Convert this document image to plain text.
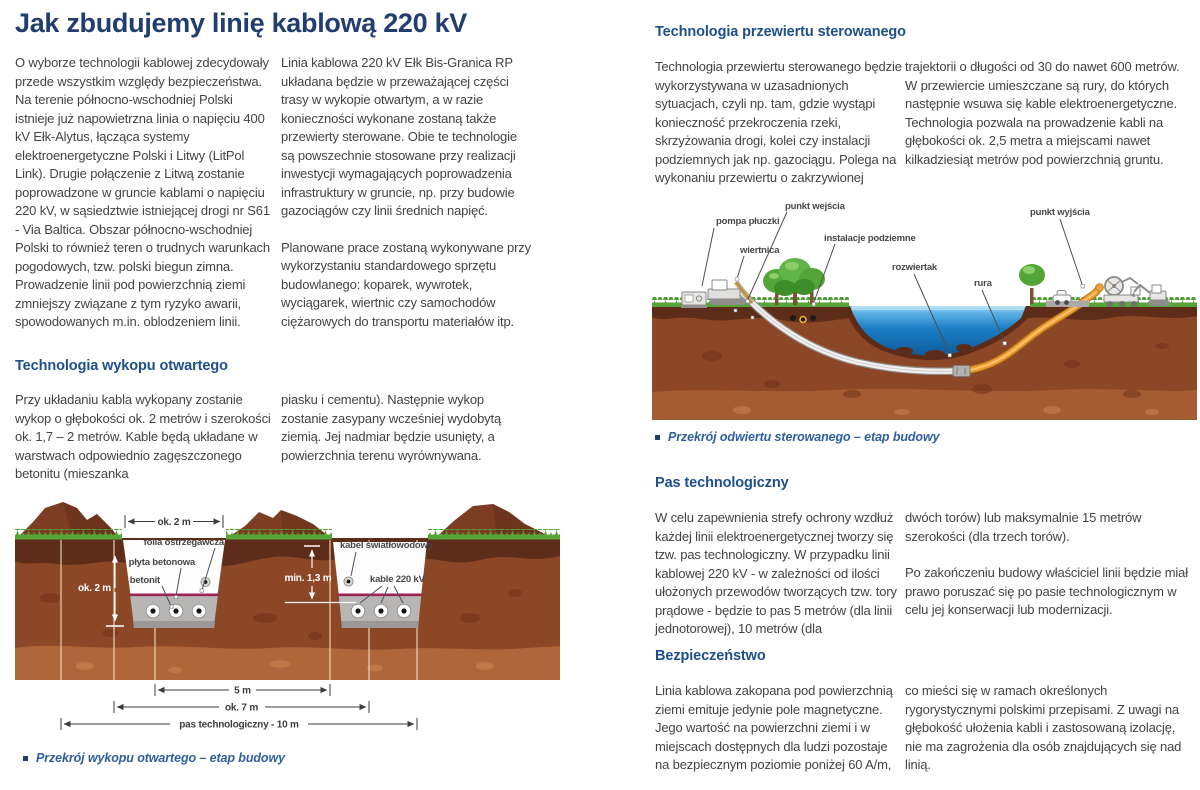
Jak zbudujemy linię kablową 220 kV
O wyborze technologii kablowej zdecydowały przede wszystkim względy bezpieczeństwa. Na terenie północno-wschodniej Polski istnieje już napowietrzna linia o napięciu 400 kV Ełk-Alytus, łącząca systemy elektroenergetyczne Polski i Litwy (LitPol Link). Drugie połączenie z Litwą zostanie poprowadzone w gruncie kablami o napięciu 220 kV, w sąsiedztwie istniejącej drogi nr S61 - Via Baltica. Obszar północno-wschodniej Polski to również teren o trudnych warunkach pogodowych, tzw. polski biegun zimna. Prowadzenie linii pod powierzchnią ziemi zmniejszy związane z tym ryzyko awarii, spowodowanych m.in. oblodzeniem linii.

Linia kablowa 220 kV Ełk Bis-Granica RP układana będzie w przeważającej części trasy w wykopie otwartym, a w razie konieczności wykonane zostaną także przewierty sterowane. Obie te technologie są powszechnie stosowane przy realizacji inwestycji wymagających poprowadzenia infrastruktury w gruncie, np. przy budowie gazociągów czy linii średnich napięć.

Planowane prace zostaną wykonywane przy wykorzystaniu standardowego sprzętu budowlanego: koparek, wywrotek, wyciągarek, wiertnic czy samochodów ciężarowych do transportu materiałów itp.

Technologia wykopu otwartego
Przy układaniu kabla wykopany zostanie wykop o głębokości ok. 2 metrów i szerokości ok. 1,7 – 2 metrów. Kable będą układane w warstwach odpowiednio zagęszczonego betonitu (mieszanka
piasku i cementu). Następnie wykop zostanie zasypany wcześniej wydobytą ziemią. Jej nadmiar będzie usunięty, a powierzchnia terenu wyrównywana.
ok. 2 m
ok. 2 m
min. 1,3 m
folia ostrzegawcza
płyta betonowa
betonit
kabel światłowodowy
kable 220 kV
5 m
ok. 7 m
pas technologiczny - 10 m
Przekrój wykopu otwartego – etap budowy
Technologia przewiertu sterowanego
Technologia przewiertu sterowanego będzie wykorzystywana w uzasadnionych sytuacjach, czyli np. tam, gdzie wystąpi konieczność przekroczenia rzeki, skrzyżowania drogi, kolei czy instalacji podziemnych jak np. gazociągu. Polega na wykonaniu przewiertu o zakrzywionej
trajektorii o długości od 30 do nawet 600 metrów. W przewiercie umieszczane są rury, do których następnie wsuwa się kable elektroenergetyczne. Technologia pozwala na prowadzenie kabli na głębokości ok. 2,5 metra a miejscami nawet kilkadziesiąt metrów pod powierzchnią gruntu.
pompa płuczki
wiertnica
punkt wejścia
instalacje podziemne
rozwiertak
rura
punkt wyjścia
Przekrój odwiertu sterowanego – etap budowy
Pas technologiczny
W celu zapewnienia strefy ochrony wzdłuż każdej linii elektroenergetycznej tworzy się tzw. pas technologiczny. W przypadku linii kablowej 220 kV - w zależności od ilości ułożonych przewodów tworzących tzw. tory prądowe - będzie to pas 5 metrów (dla linii jednotorowej), 10 metrów (dla

dwóch torów) lub maksymalnie 15 metrów szerokości (dla trzech torów).

Po zakończeniu budowy właściciel linii będzie miał prawo poruszać się po pasie technologicznym w celu jej konserwacji lub modernizacji.

Bezpieczeństwo
Linia kablowa zakopana pod powierzchnią ziemi emituje jedynie pole magnetyczne. Jego wartość na powierzchni ziemi i w miejscach dostępnych dla ludzi pozostaje na bezpiecznym poziomie poniżej 60 A/m,
co mieści się w ramach określonych rygorystycznymi polskimi przepisami. Z uwagi na głębokość ułożenia kabli i zastosowaną izolację, nie ma zagrożenia dla osób znajdujących się nad linią.
